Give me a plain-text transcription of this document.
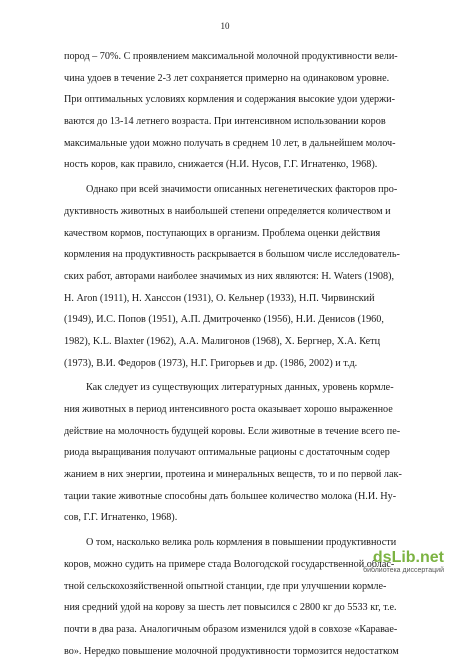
10
пород – 70%. С проявлением максимальной молочной продуктивности вели-
чина удоев в течение 2-3 лет сохраняется примерно на одинаковом уровне.
При оптимальных условиях кормления и содержания высокие удои удержи-
ваются до 13-14 летнего возраста. При интенсивном использовании коров
максимальные удои можно получать в среднем 10 лет, в дальнейшем молоч-
ность коров, как правило, снижается (Н.И. Нусов, Г.Г. Игнатенко, 1968).
Однако при всей значимости описанных негенетических факторов про-
дуктивность животных в наибольшей степени определяется количеством и
качеством кормов, поступающих в организм. Проблема оценки действия
кормления на продуктивность раскрывается в большом числе исследователь-
ских работ, авторами наиболее значимых из них являются: Н. Waters (1908),
Н. Aron (1911), Н. Ханссон (1931), О. Кельнер (1933), Н.П. Чирвинский
(1949), И.С. Попов (1951), А.П. Дмитроченко (1956), Н.И. Денисов (1960,
1982), K.L. Blaxter (1962), А.А. Малигонов (1968), Х. Бергнер, Х.А. Кетц
(1973), В.И. Федоров (1973), Н.Г. Григорьев и др. (1986, 2002) и т.д.
Как следует из существующих литературных данных, уровень кормле-
ния животных в период интенсивного роста оказывает хорошо выраженное
действие на молочность будущей коровы. Если животные в течение всего пе-
риода выращивания получают оптимальные рационы с достаточным содер
жанием в них энергии, протеина и минеральных веществ, то и по первой лак-
тации такие животные способны дать большее количество молока (Н.И. Ну-
сов, Г.Г. Игнатенко, 1968).
О том, насколько велика роль кормления в повышении продуктивности
коров, можно судить на примере стада Вологодской государственной облас-
тной сельскохозяйственной опытной станции, где при улучшении кормле-
ния средний удой на корову за шесть лет повысился с 2800 кг до 5533 кг, т.е.
почти в два раза. Аналогичным образом изменился удой в совхозе «Караваe-
во». Нередко повышение молочной продуктивности тормозится недостатком
dsLib.net
библиотека диссертаций
